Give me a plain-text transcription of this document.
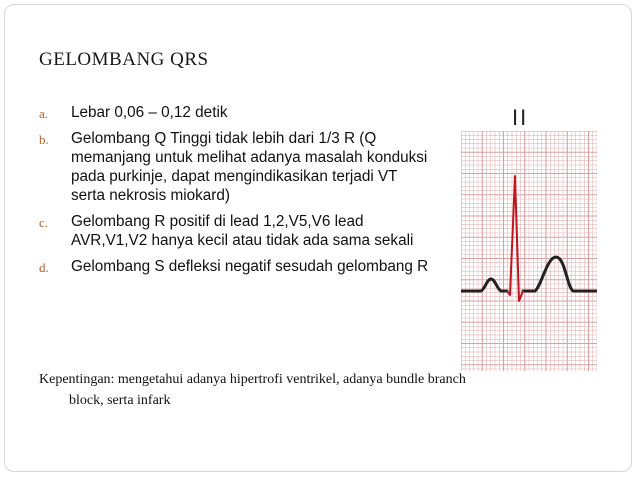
GELOMBANG QRS
a. Lebar 0,06 – 0,12 detik
b. Gelombang Q Tinggi tidak lebih dari 1/3 R (Q memanjang untuk melihat adanya masalah konduksi pada purkinje, dapat mengindikasikan terjadi VT serta nekrosis miokard)
c. Gelombang R positif di lead 1,2,V5,V6 lead AVR,V1,V2 hanya kecil atau tidak ada sama sekali
d. Gelombang S defleksi negatif sesudah gelombang R
Kepentingan: mengetahui adanya hipertrofi ventrikel, adanya bundle branch block, serta infark
II
